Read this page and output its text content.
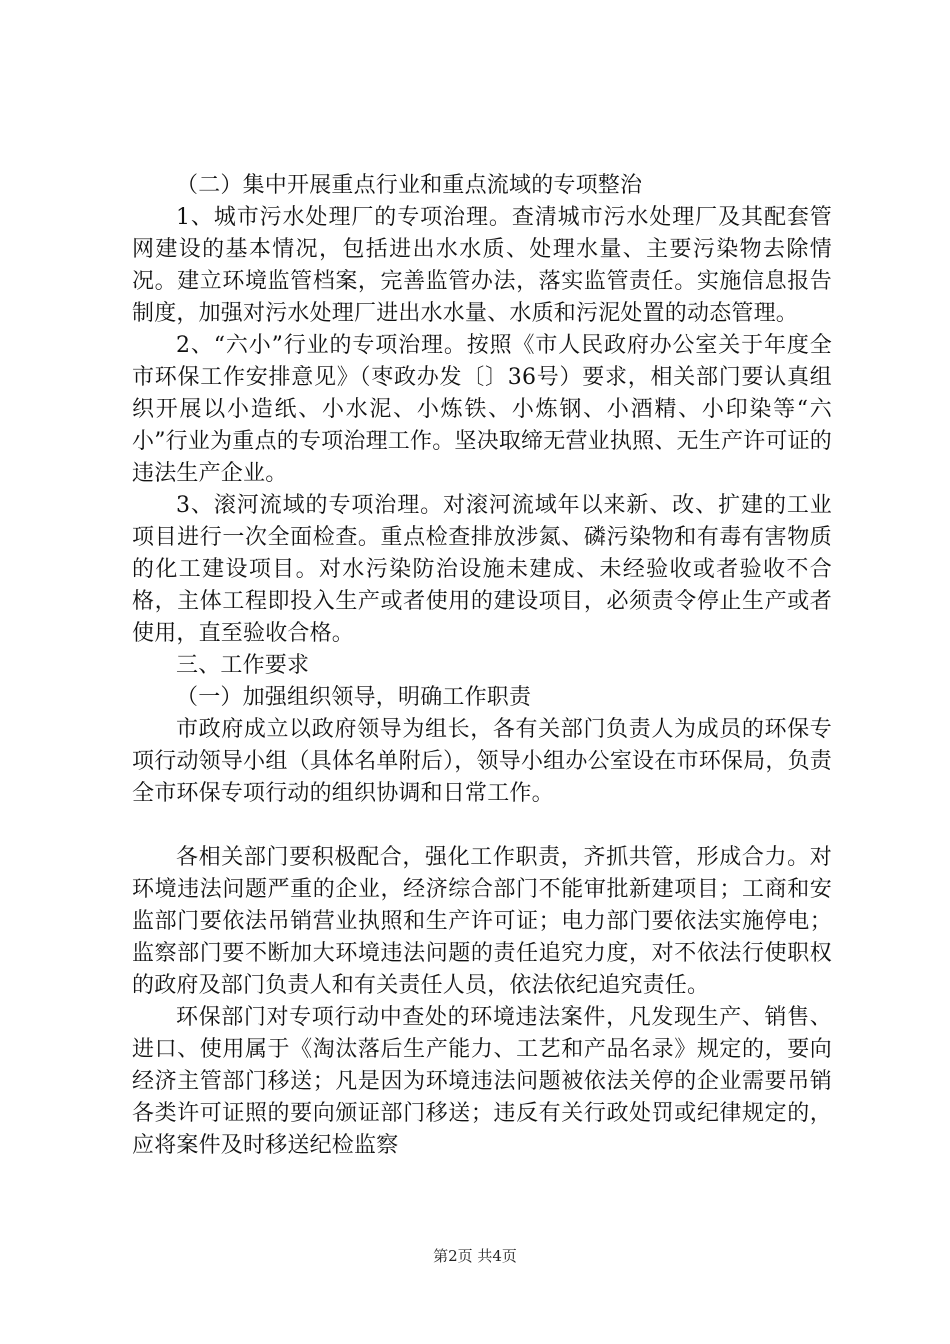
（二）集中开展重点行业和重点流域的专项整治

1、城市污水处理厂的专项治理。查清城市污水处理厂及其配套管网建设的基本情况，包括进出水水质、处理水量、主要污染物去除情况。建立环境监管档案，完善监管办法，落实监管责任。实施信息报告制度，加强对污水处理厂进出水水量、水质和污泥处置的动态管理。

2、“六小”行业的专项治理。按照《市人民政府办公室关于年度全市环保工作安排意见》（枣政办发〔〕36号）要求，相关部门要认真组织开展以小造纸、小水泥、小炼铁、小炼钢、小酒精、小印染等“六小”行业为重点的专项治理工作。坚决取缔无营业执照、无生产许可证的违法生产企业。

3、滚河流域的专项治理。对滚河流域年以来新、改、扩建的工业项目进行一次全面检查。重点检查排放涉氮、磷污染物和有毒有害物质的化工建设项目。对水污染防治设施未建成、未经验收或者验收不合格，主体工程即投入生产或者使用的建设项目，必须责令停止生产或者使用，直至验收合格。

三、工作要求

（一）加强组织领导，明确工作职责

市政府成立以政府领导为组长，各有关部门负责人为成员的环保专项行动领导小组（具体名单附后），领导小组办公室设在市环保局，负责全市环保专项行动的组织协调和日常工作。

各相关部门要积极配合，强化工作职责，齐抓共管，形成合力。对环境违法问题严重的企业，经济综合部门不能审批新建项目；工商和安监部门要依法吊销营业执照和生产许可证；电力部门要依法实施停电；监察部门要不断加大环境违法问题的责任追究力度，对不依法行使职权的政府及部门负责人和有关责任人员，依法依纪追究责任。

环保部门对专项行动中查处的环境违法案件，凡发现生产、销售、进口、使用属于《淘汰落后生产能力、工艺和产品名录》规定的，要向经济主管部门移送；凡是因为环境违法问题被依法关停的企业需要吊销各类许可证照的要向颁证部门移送；违反有关行政处罚或纪律规定的，应将案件及时移送纪检监察

第2页 共4页
